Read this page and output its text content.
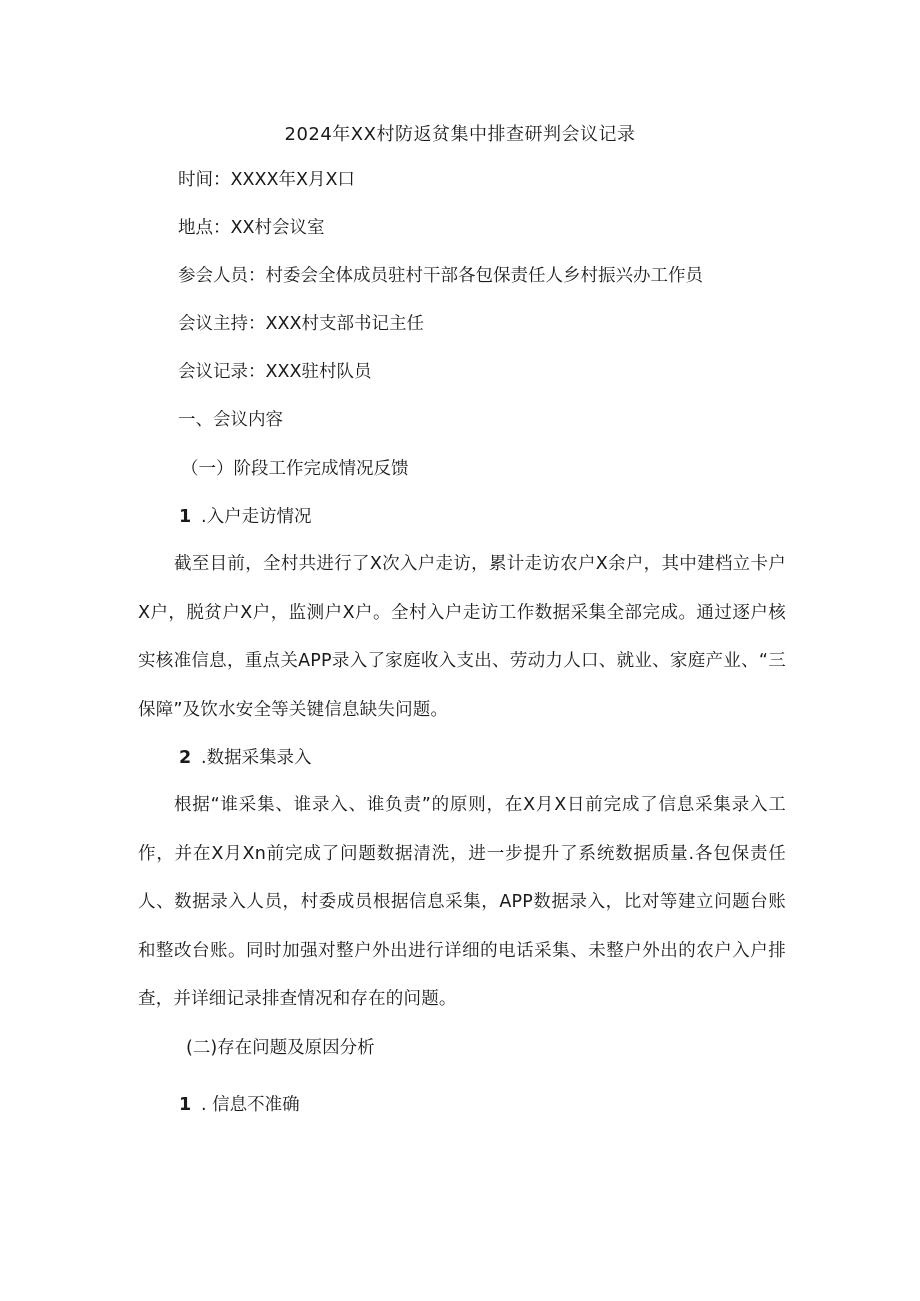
2024年XX村防返贫集中排查研判会议记录
时间：XXXX年X月X口
地点：XX村会议室
参会人员：村委会全体成员驻村干部各包保责任人乡村振兴办工作员
会议主持：XXX村支部书记主任
会议记录：XXX驻村队员
一、会议内容
（一）阶段工作完成情况反馈
1 .入户走访情况
截至目前，全村共进行了X次入户走访，累计走访农户X余户，其中建档立卡户X户，脱贫户X户，监测户X户。全村入户走访工作数据采集全部完成。通过逐户核实核准信息，重点关APP录入了家庭收入支出、劳动力人口、就业、家庭产业、“三保障”及饮水安全等关键信息缺失问题。
2 .数据采集录入
根据“谁采集、谁录入、谁负责”的原则，在X月X日前完成了信息采集录入工作，并在X月Xn前完成了问题数据清洗，进一步提升了系统数据质量.各包保责任人、数据录入人员，村委成员根据信息采集，APP数据录入，比对等建立问题台账和整改台账。同时加强对整户外出进行详细的电话采集、未整户外出的农户入户排查，并详细记录排查情况和存在的问题。
(二)存在问题及原因分析
1 . 信息不准确
